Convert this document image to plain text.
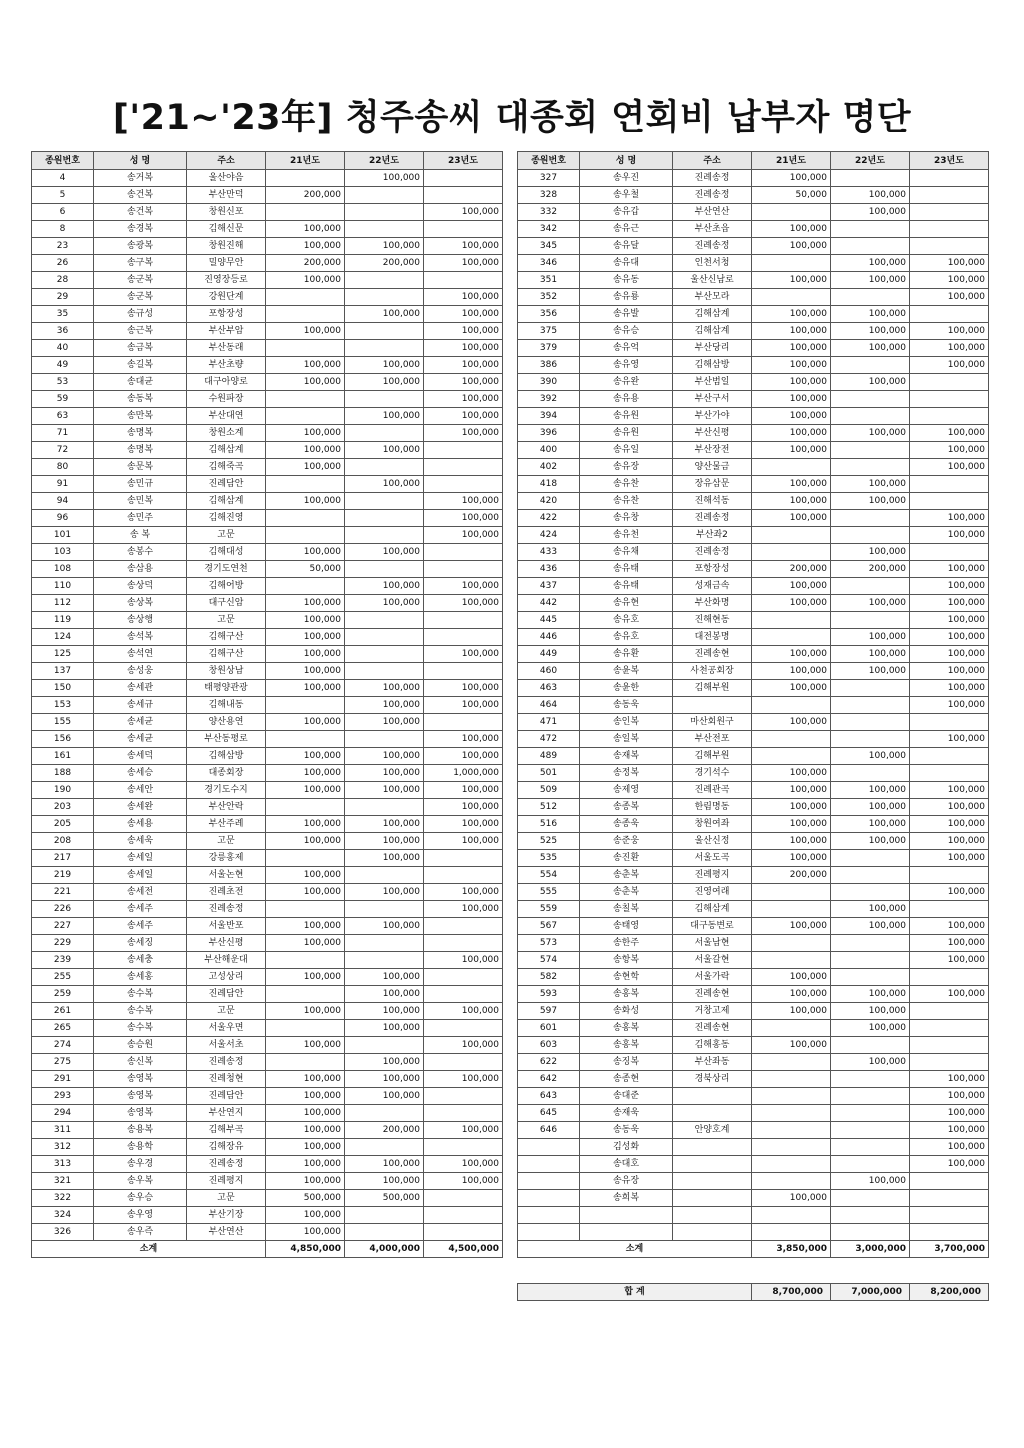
['21~'23年] 청주송씨 대종회 연회비 납부자 명단
종원번호	성 명	주소	21년도	22년도	23년도
4	송거복	울산야음		100,000	
5	송건복	부산만덕	200,000		
6	송건복	창원신포			100,000
8	송경복	김해신문	100,000		
23	송광복	창원진해	100,000	100,000	100,000
26	송구복	밀양무안	200,000	200,000	100,000
28	송군복	진영장등로	100,000		
29	송군복	강원단계			100,000
35	송규성	포항장성		100,000	100,000
36	송근복	부산부암	100,000		100,000
40	송금복	부산동래			100,000
49	송길복	부산초량	100,000	100,000	100,000
53	송대균	대구아양로	100,000	100,000	100,000
59	송동복	수원파장			100,000
63	송만복	부산대연		100,000	100,000
71	송명복	창원소계	100,000		100,000
72	송명복	김해삼계	100,000	100,000	
80	송문복	김해죽곡	100,000		
91	송민규	진례담안		100,000	
94	송민복	김해삼계	100,000		100,000
96	송민주	김해진영			100,000
101	송 복	고문			100,000
103	송봉수	김해대성	100,000	100,000	
108	송삼용	경기도연천	50,000		
110	송상덕	김해어방		100,000	100,000
112	송상복	대구신암	100,000	100,000	100,000
119	송상행	고문	100,000		
124	송석복	김해구산	100,000		
125	송석연	김해구산	100,000		100,000
137	송성웅	창원상남	100,000		
150	송세관	태평양관광	100,000	100,000	100,000
153	송세규	김해내동		100,000	100,000
155	송세균	양산용연	100,000	100,000	
156	송세균	부산동평로			100,000
161	송세덕	김해삼방	100,000	100,000	100,000
188	송세승	대종회장	100,000	100,000	1,000,000
190	송세안	경기도수지	100,000	100,000	100,000
203	송세완	부산안락			100,000
205	송세용	부산주례	100,000	100,000	100,000
208	송세욱	고문	100,000	100,000	100,000
217	송세일	강릉홍제		100,000	
219	송세일	서울논현	100,000		
221	송세전	진례초전	100,000	100,000	100,000
226	송세주	진례송정			100,000
227	송세주	서울반포	100,000	100,000	
229	송세징	부산신평	100,000		
239	송세충	부산해운대			100,000
255	송세홍	고성상리	100,000	100,000	
259	송수복	진례담안		100,000	
261	송수복	고문	100,000	100,000	100,000
265	송수복	서울우면		100,000	
274	송승원	서울서초	100,000		100,000
275	송신복	진례송정		100,000	
291	송영복	진례청현	100,000	100,000	100,000
293	송영복	진례담안	100,000	100,000	
294	송영복	부산연지	100,000		
311	송용복	김해부곡	100,000	200,000	100,000
312	송용학	김해장유	100,000		
313	송우경	진례송정	100,000	100,000	100,000
321	송우복	진례평지	100,000	100,000	100,000
322	송우승	고문	500,000	500,000	
324	송우영	부산기장	100,000		
326	송우즉	부산연산	100,000		
소계			4,850,000	4,000,000	4,500,000
종원번호	성 명	주소	21년도	22년도	23년도
327	송우진	진례송정	100,000		
328	송우철	진례송정	50,000	100,000	
332	송유갑	부산연산		100,000	
342	송유근	부산초읍	100,000		
345	송유달	진례송정	100,000		
346	송유대	인천서청		100,000	100,000
351	송유동	울산신남로	100,000	100,000	100,000
352	송유룡	부산모라			100,000
356	송유발	김해삼계	100,000	100,000	
375	송유승	김해삼계	100,000	100,000	100,000
379	송유억	부산당리	100,000	100,000	100,000
386	송유영	김해삼방	100,000		100,000
390	송유완	부산범일	100,000	100,000	
392	송유용	부산구서	100,000		
394	송유원	부산가야	100,000		
396	송유원	부산신평	100,000	100,000	100,000
400	송유일	부산장전	100,000		100,000
402	송유장	양산물금			100,000
418	송유찬	장유삼문	100,000	100,000	
420	송유찬	진해석동	100,000	100,000	
422	송유창	진례송정	100,000		100,000
424	송유천	부산좌2			100,000
433	송유채	진례송정		100,000	
436	송유태	포항장성	200,000	200,000	100,000
437	송유태	성재금속	100,000		100,000
442	송유현	부산화명	100,000	100,000	100,000
445	송유호	진해현동			100,000
446	송유호	대전봉명		100,000	100,000
449	송유환	진례송현	100,000	100,000	100,000
460	송윤복	사천공회장	100,000	100,000	100,000
463	송윤한	김해부원	100,000		100,000
464	송동욱				100,000
471	송인복	마산회원구	100,000		
472	송일복	부산전포			100,000
489	송재복	김해부원		100,000	
501	송정복	경기석수	100,000		
509	송제영	진례관곡	100,000	100,000	100,000
512	송종복	한림명동	100,000	100,000	100,000
516	송종욱	창원여좌	100,000	100,000	100,000
525	송준웅	울산신정	100,000	100,000	100,000
535	송진환	서울도곡	100,000		100,000
554	송춘복	진례평지	200,000		
555	송춘복	진영여래			100,000
559	송칠복	김해삼계		100,000	
567	송태영	대구동변로	100,000	100,000	100,000
573	송한주	서울남현			100,000
574	송항복	서울갈현			100,000
582	송현학	서울가락	100,000		
593	송홍복	진례송현	100,000	100,000	100,000
597	송화성	거창고제	100,000	100,000	
601	송홍복	진례송현		100,000	
603	송홍복	김해홍동	100,000		
622	송징복	부산좌동		100,000	
642	송종현	경북상리			100,000
643	송대준				100,000
645	송재욱				100,000
646	송동욱	안양호계			100,000
	김성화				100,000
	송대호				100,000
	송유장			100,000	
	송희복		100,000		

소계			3,850,000	3,000,000	3,700,000
합 계	8,700,000	7,000,000	8,200,000
